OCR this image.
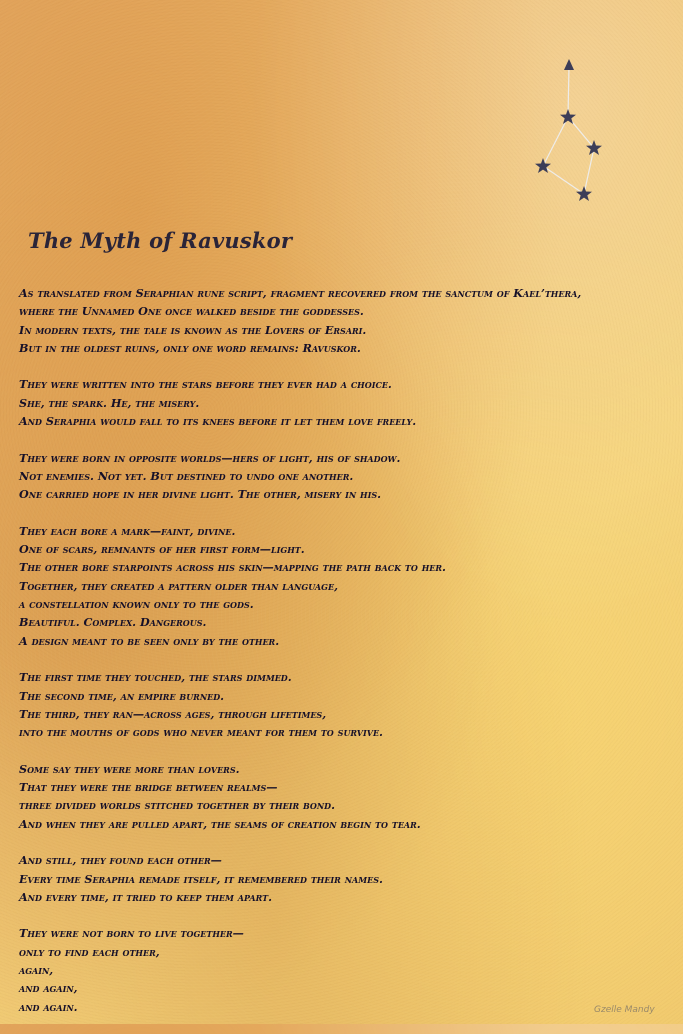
The Myth of Ravuskor
As translated from Seraphian rune script, fragment recovered from the sanctum of Kael’thera,
where the Unnamed One once walked beside the goddesses.
In modern texts, the tale is known as the Lovers of Ersari.
But in the oldest ruins, only one word remains: Ravuskor.
They were written into the stars before they ever had a choice.
She, the spark. He, the misery.
And Seraphia would fall to its knees before it let them love freely.
They were born in opposite worlds—hers of light, his of shadow.
Not enemies. Not yet. But destined to undo one another.
One carried hope in her divine light. The other, misery in his.
They each bore a mark—faint, divine.
One of scars, remnants of her first form—light.
The other bore starpoints across his skin—mapping the path back to her.
Together, they created a pattern older than language,
a constellation known only to the gods.
Beautiful. Complex. Dangerous.
A design meant to be seen only by the other.
The first time they touched, the stars dimmed.
The second time, an empire burned.
The third, they ran—across ages, through lifetimes,
into the mouths of gods who never meant for them to survive.
Some say they were more than lovers.
That they were the bridge between realms—
three divided worlds stitched together by their bond.
And when they are pulled apart, the seams of creation begin to tear.
And still, they found each other—
Every time Seraphia remade itself, it remembered their names.
And every time, it tried to keep them apart.
They were not born to live together—
only to find each other,
again,
and again,
and again.	Gzelle Mandy
